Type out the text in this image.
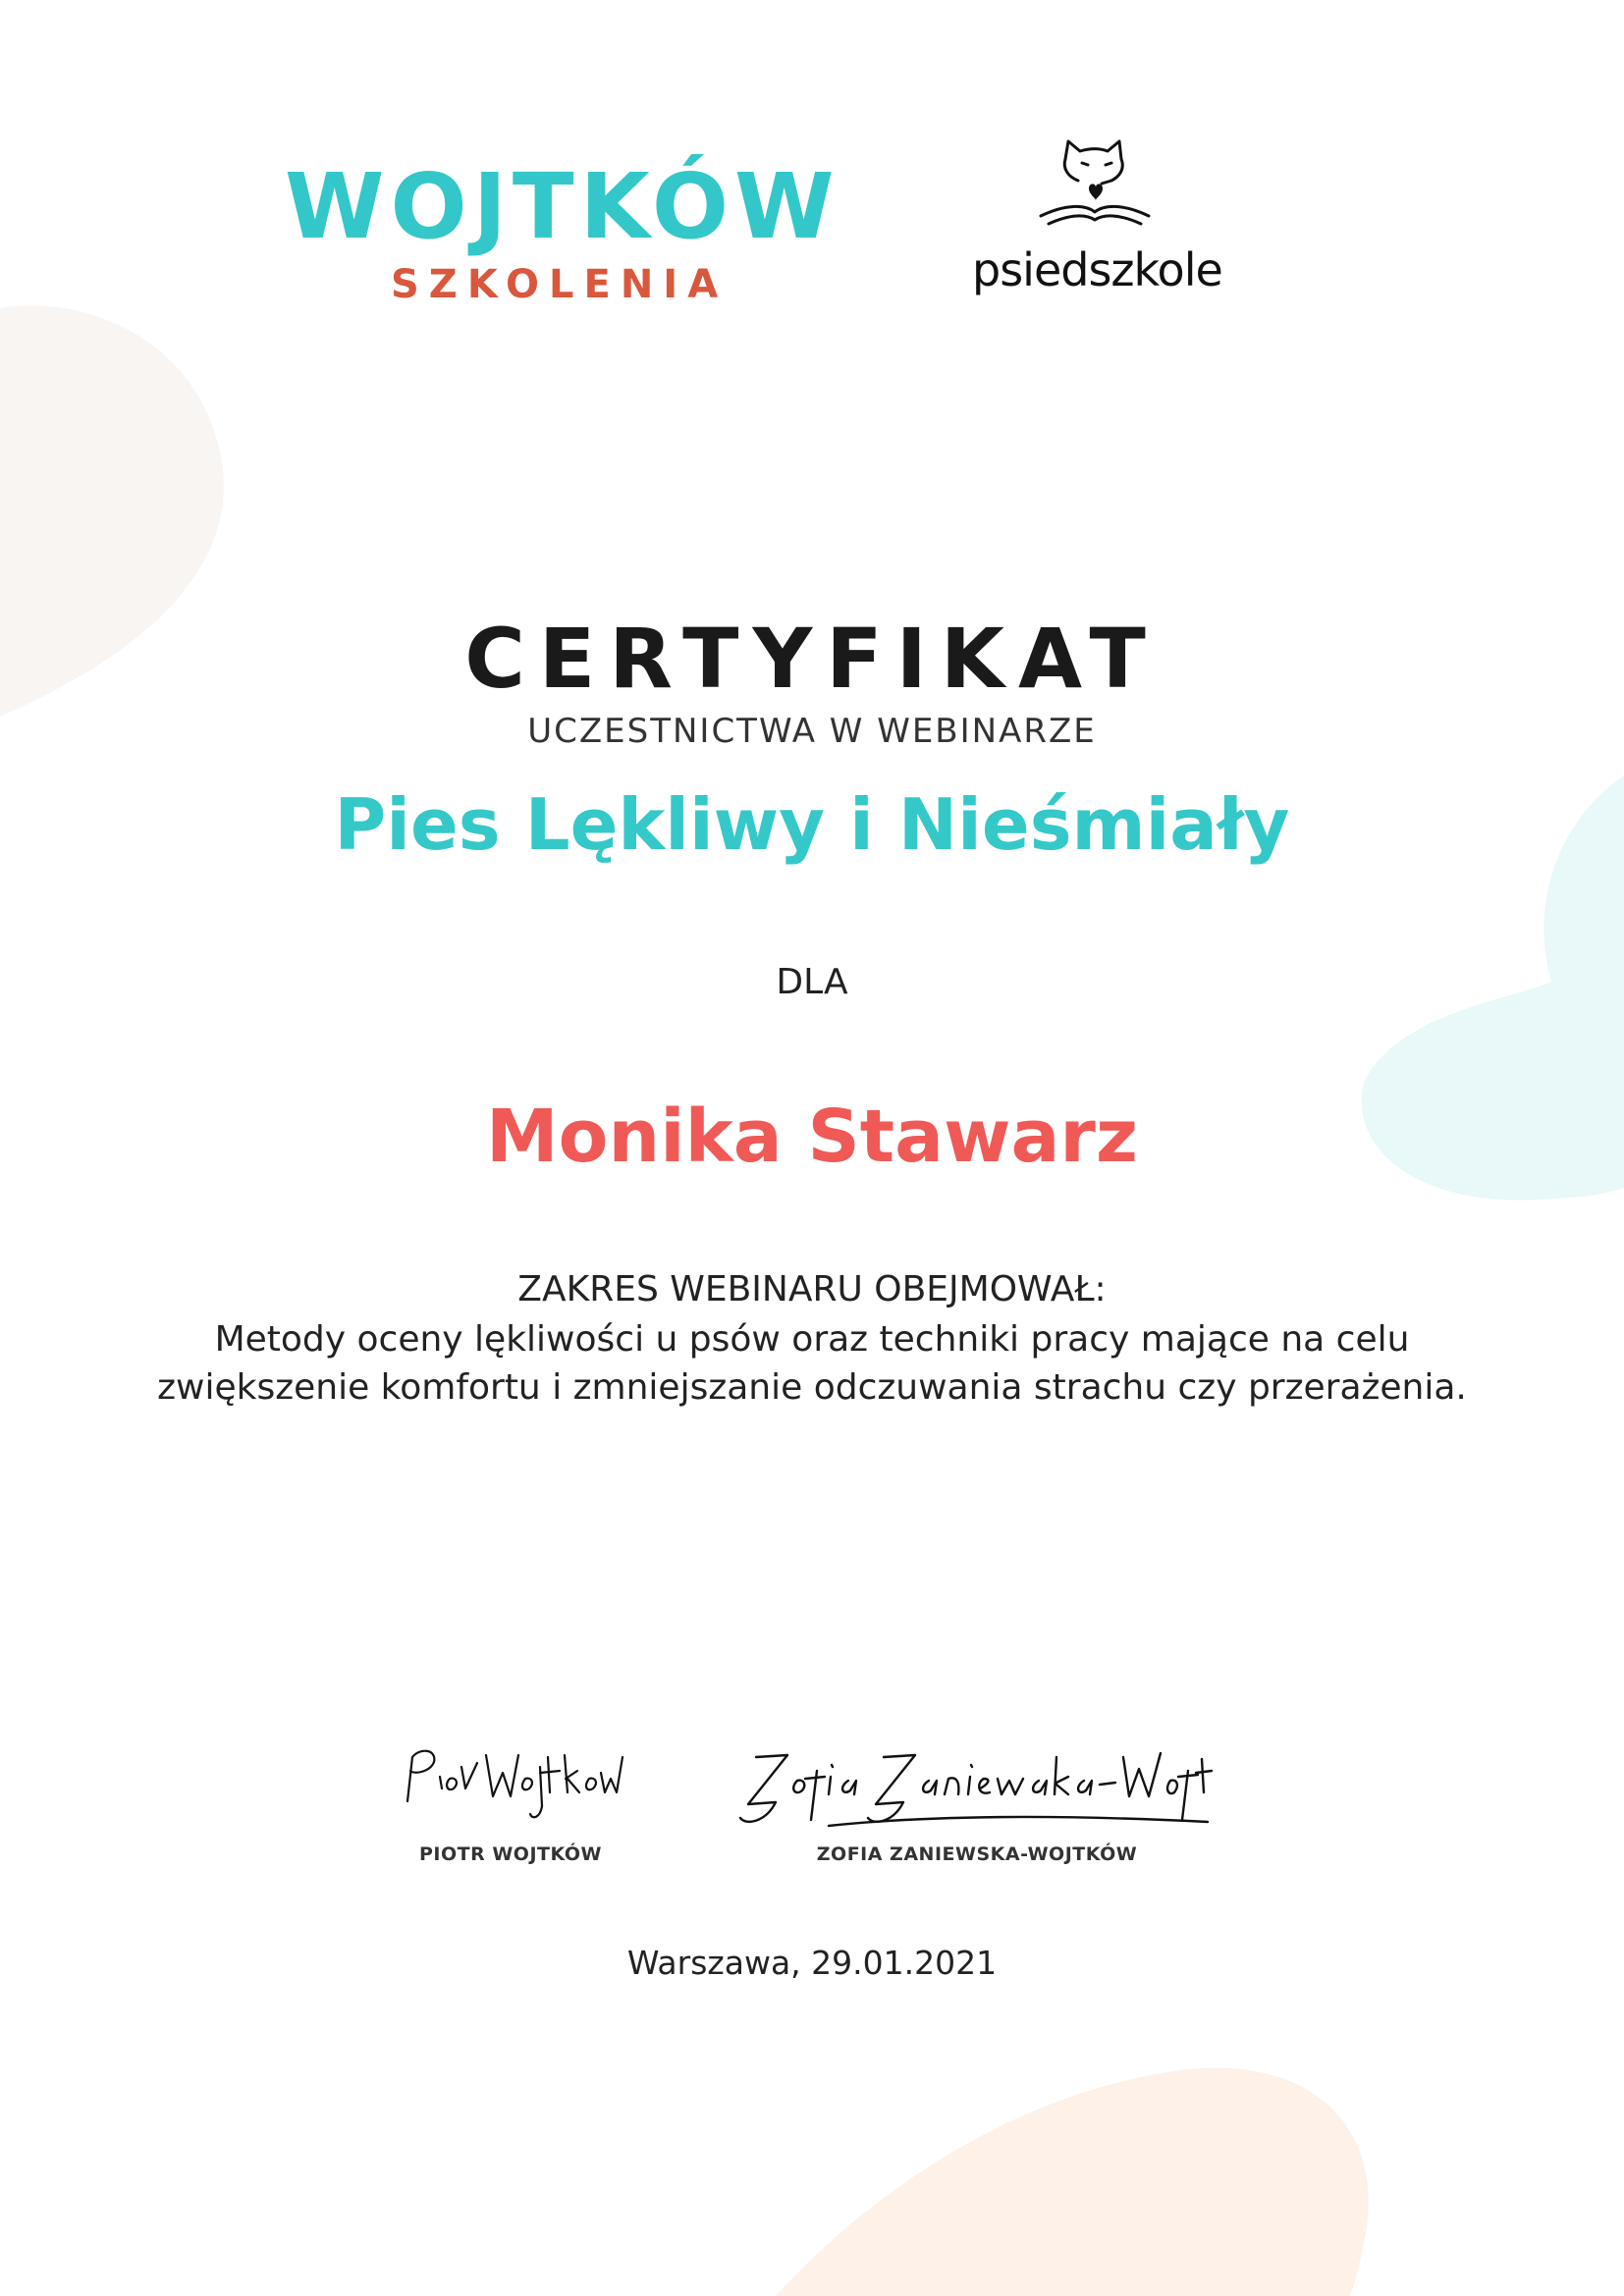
WOJTKÓW
SZKOLENIA	psiedszkole
CERTYFIKAT
UCZESTNICTWA W WEBINARZE
Pies Lękliwy i Nieśmiały
DLA
Monika Stawarz
ZAKRES WEBINARU OBEJMOWAŁ:
Metody oceny lękliwości u psów oraz techniki pracy mające na celu zwiększenie komfortu i zmniejszanie odczuwania strachu czy przerażenia.
PIOTR WOJTKÓW	ZOFIA ZANIEWSKA-WOJTKÓW
Warszawa, 29.01.2021
